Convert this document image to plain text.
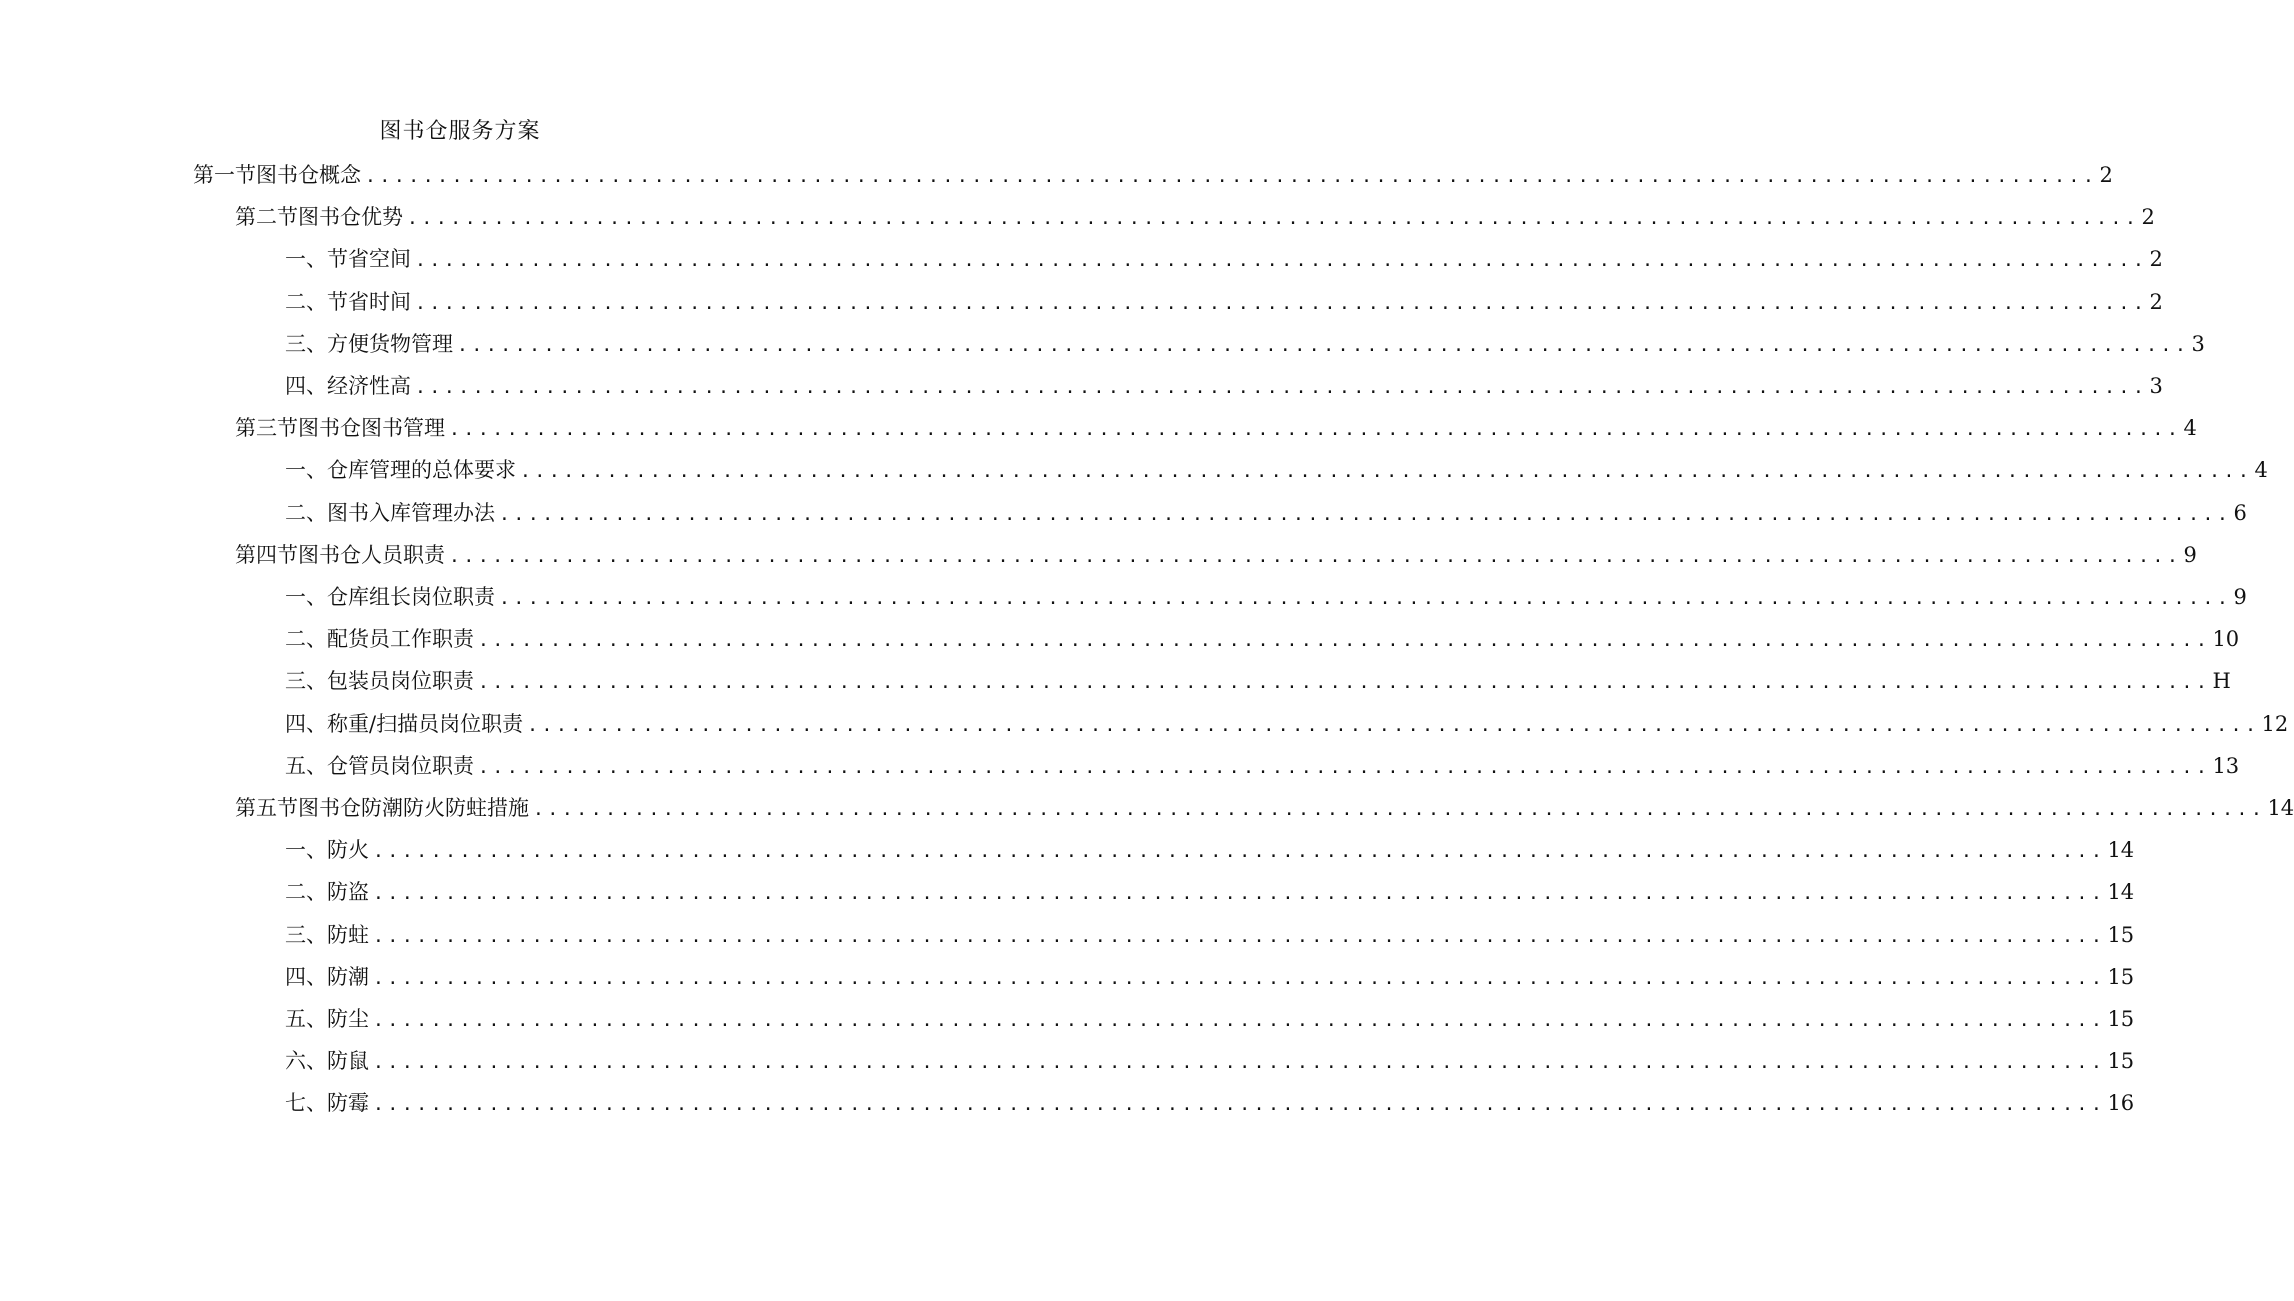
图书仓服务方案
第一节图书仓概念 ........................................................................................................................ 2
第二节图书仓优势 ........................................................................................................................ 2
一、节省空间 ........................................................................................................................ 2
二、节省时间 ........................................................................................................................ 2
三、方便货物管理 ........................................................................................................................ 3
四、经济性高 ........................................................................................................................ 3
第三节图书仓图书管理 ........................................................................................................................ 4
一、仓库管理的总体要求 ........................................................................................................................ 4
二、图书入库管理办法 ........................................................................................................................ 6
第四节图书仓人员职责 ........................................................................................................................ 9
一、仓库组长岗位职责 ........................................................................................................................ 9
二、配货员工作职责 ........................................................................................................................ 10
三、包装员岗位职责 ........................................................................................................................ H
四、称重/扫描员岗位职责 ........................................................................................................................ 12
五、仓管员岗位职责 ........................................................................................................................ 13
第五节图书仓防潮防火防蛀措施 ........................................................................................................................ 14
一、防火 ........................................................................................................................ 14
二、防盗 ........................................................................................................................ 14
三、防蛀 ........................................................................................................................ 15
四、防潮 ........................................................................................................................ 15
五、防尘 ........................................................................................................................ 15
六、防鼠 ........................................................................................................................ 15
七、防霉 ........................................................................................................................ 16
